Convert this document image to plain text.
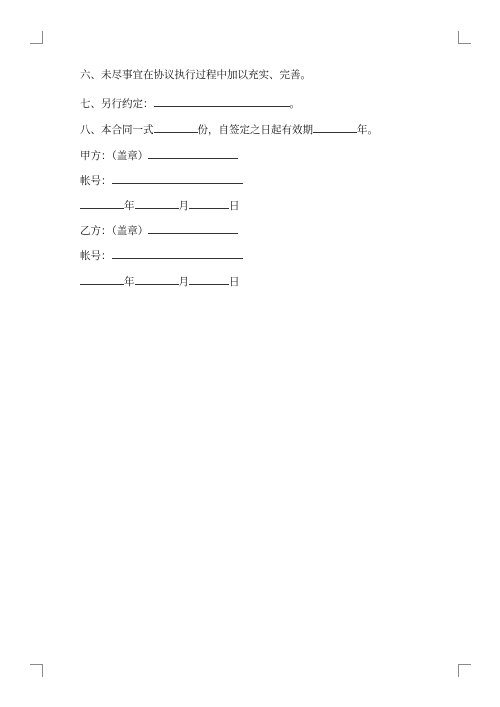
六、未尽事宜在协议执行过程中加以充实、完善。
七、另行约定：	。
八、本合同一式	份，自签定之日起有效期	年。
甲方：（盖章）
帐号：
年	月	日
乙方：（盖章）
帐号：
年	月	日
